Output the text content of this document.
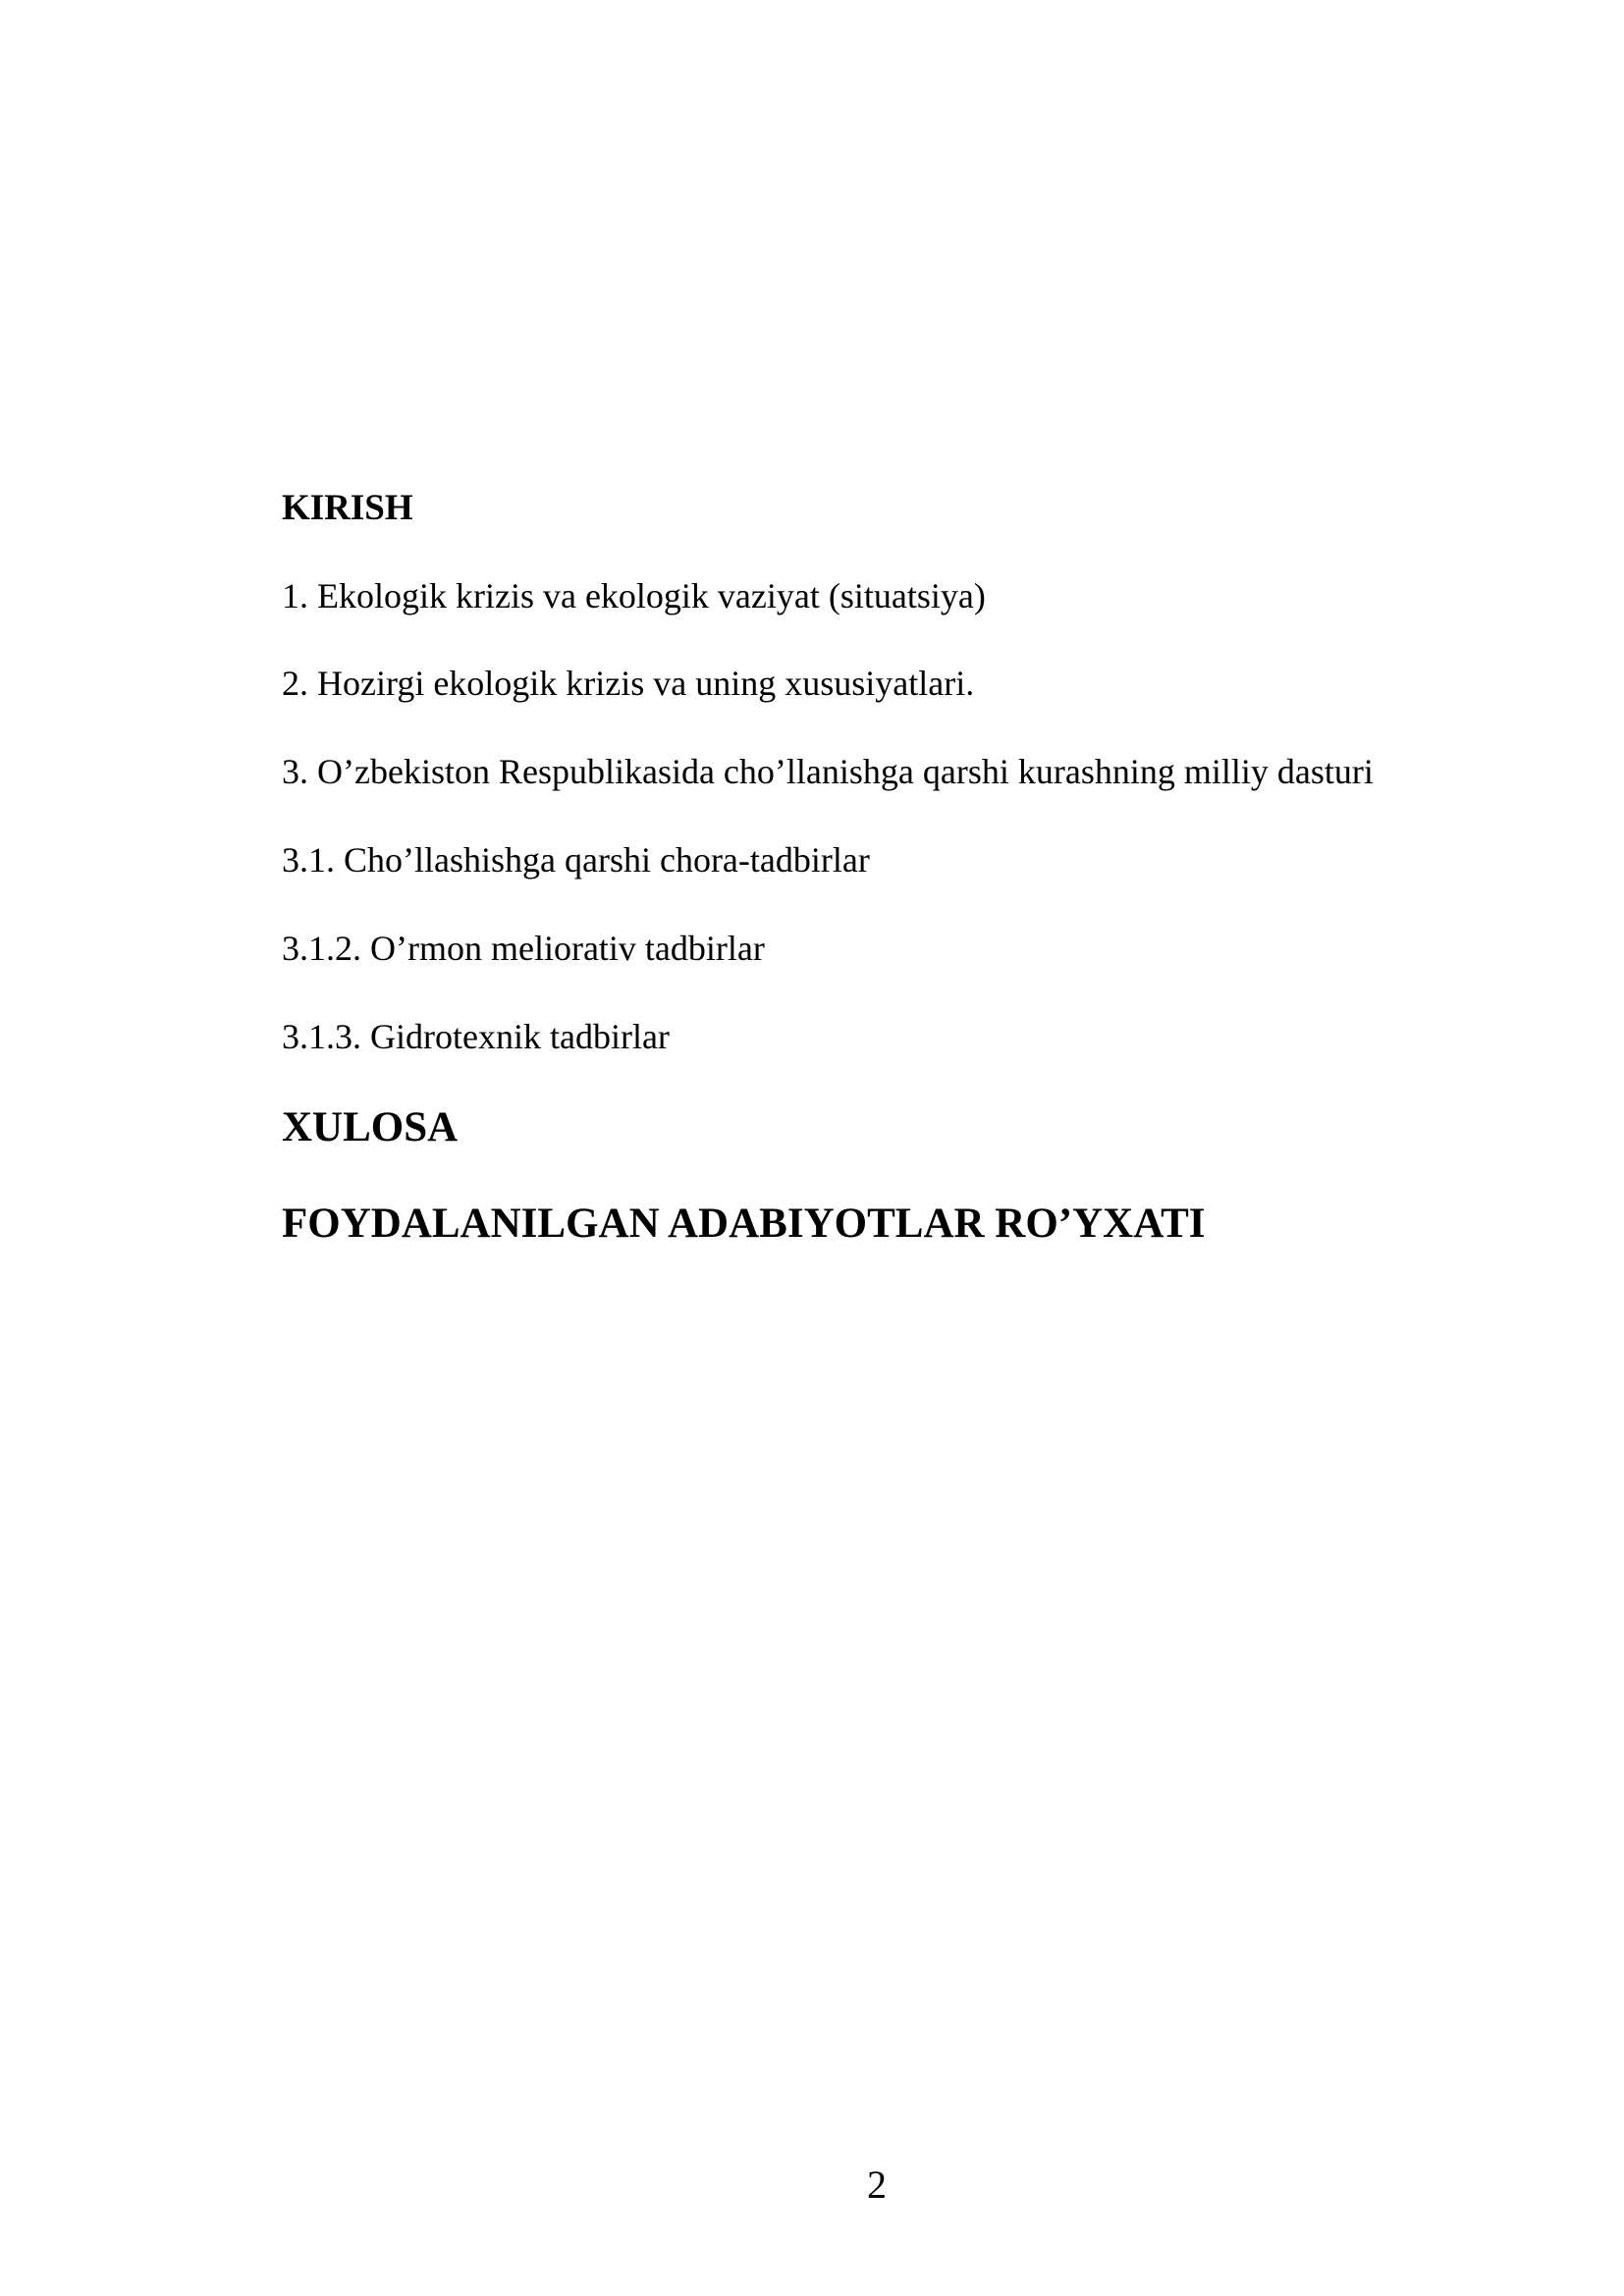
KIRISH
1. Ekologik krizis va ekologik vaziyat (situatsiya)
2. Hozirgi ekologik krizis va uning xususiyatlari.
3. O’zbekiston Respublikasida cho’llanishga qarshi kurashning milliy dasturi
3.1. Cho’llashishga qarshi chora-tadbirlar
3.1.2. O’rmon meliorativ tadbirlar
3.1.3. Gidrotexnik tadbirlar
XULOSA
FOYDALANILGAN ADABIYOTLAR RO’YXATI
2
